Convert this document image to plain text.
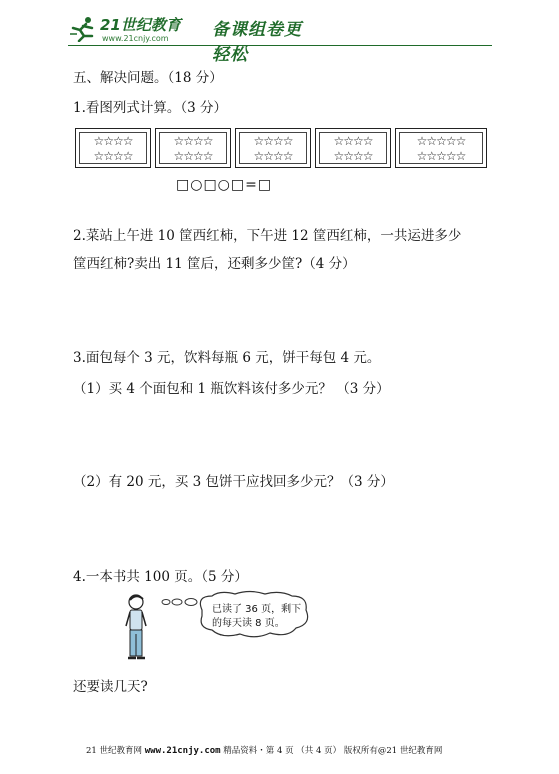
21世纪教育
www.21cnjy.com	备课组卷更轻松
五、解决问题。（18 分）
1.看图列式计算。（3 分）
☆☆☆☆
☆☆☆☆
☆☆☆☆
☆☆☆☆
☆☆☆☆
☆☆☆☆
☆☆☆☆
☆☆☆☆
☆☆☆☆☆
☆☆☆☆☆
□○□○□=□
2.菜站上午进 10 筐西红柿，下午进 12 筐西红柿，一共运进多少
筐西红柿?卖出 11 筐后，还剩多少筐?（4 分）
3.面包每个 3 元，饮料每瓶 6 元，饼干每包 4 元。
（1）买 4 个面包和 1 瓶饮料该付多少元？ （3 分）
（2）有 20 元，买 3 包饼干应找回多少元？（3 分）
4.一本书共 100 页。（5 分）
已读了 36 页，剩下
的每天读 8 页。
还要读几天?
21 世纪教育网 www.21cnjy.com 精品资料・第 4 页 （共 4 页） 版权所有@21 世纪教育网
